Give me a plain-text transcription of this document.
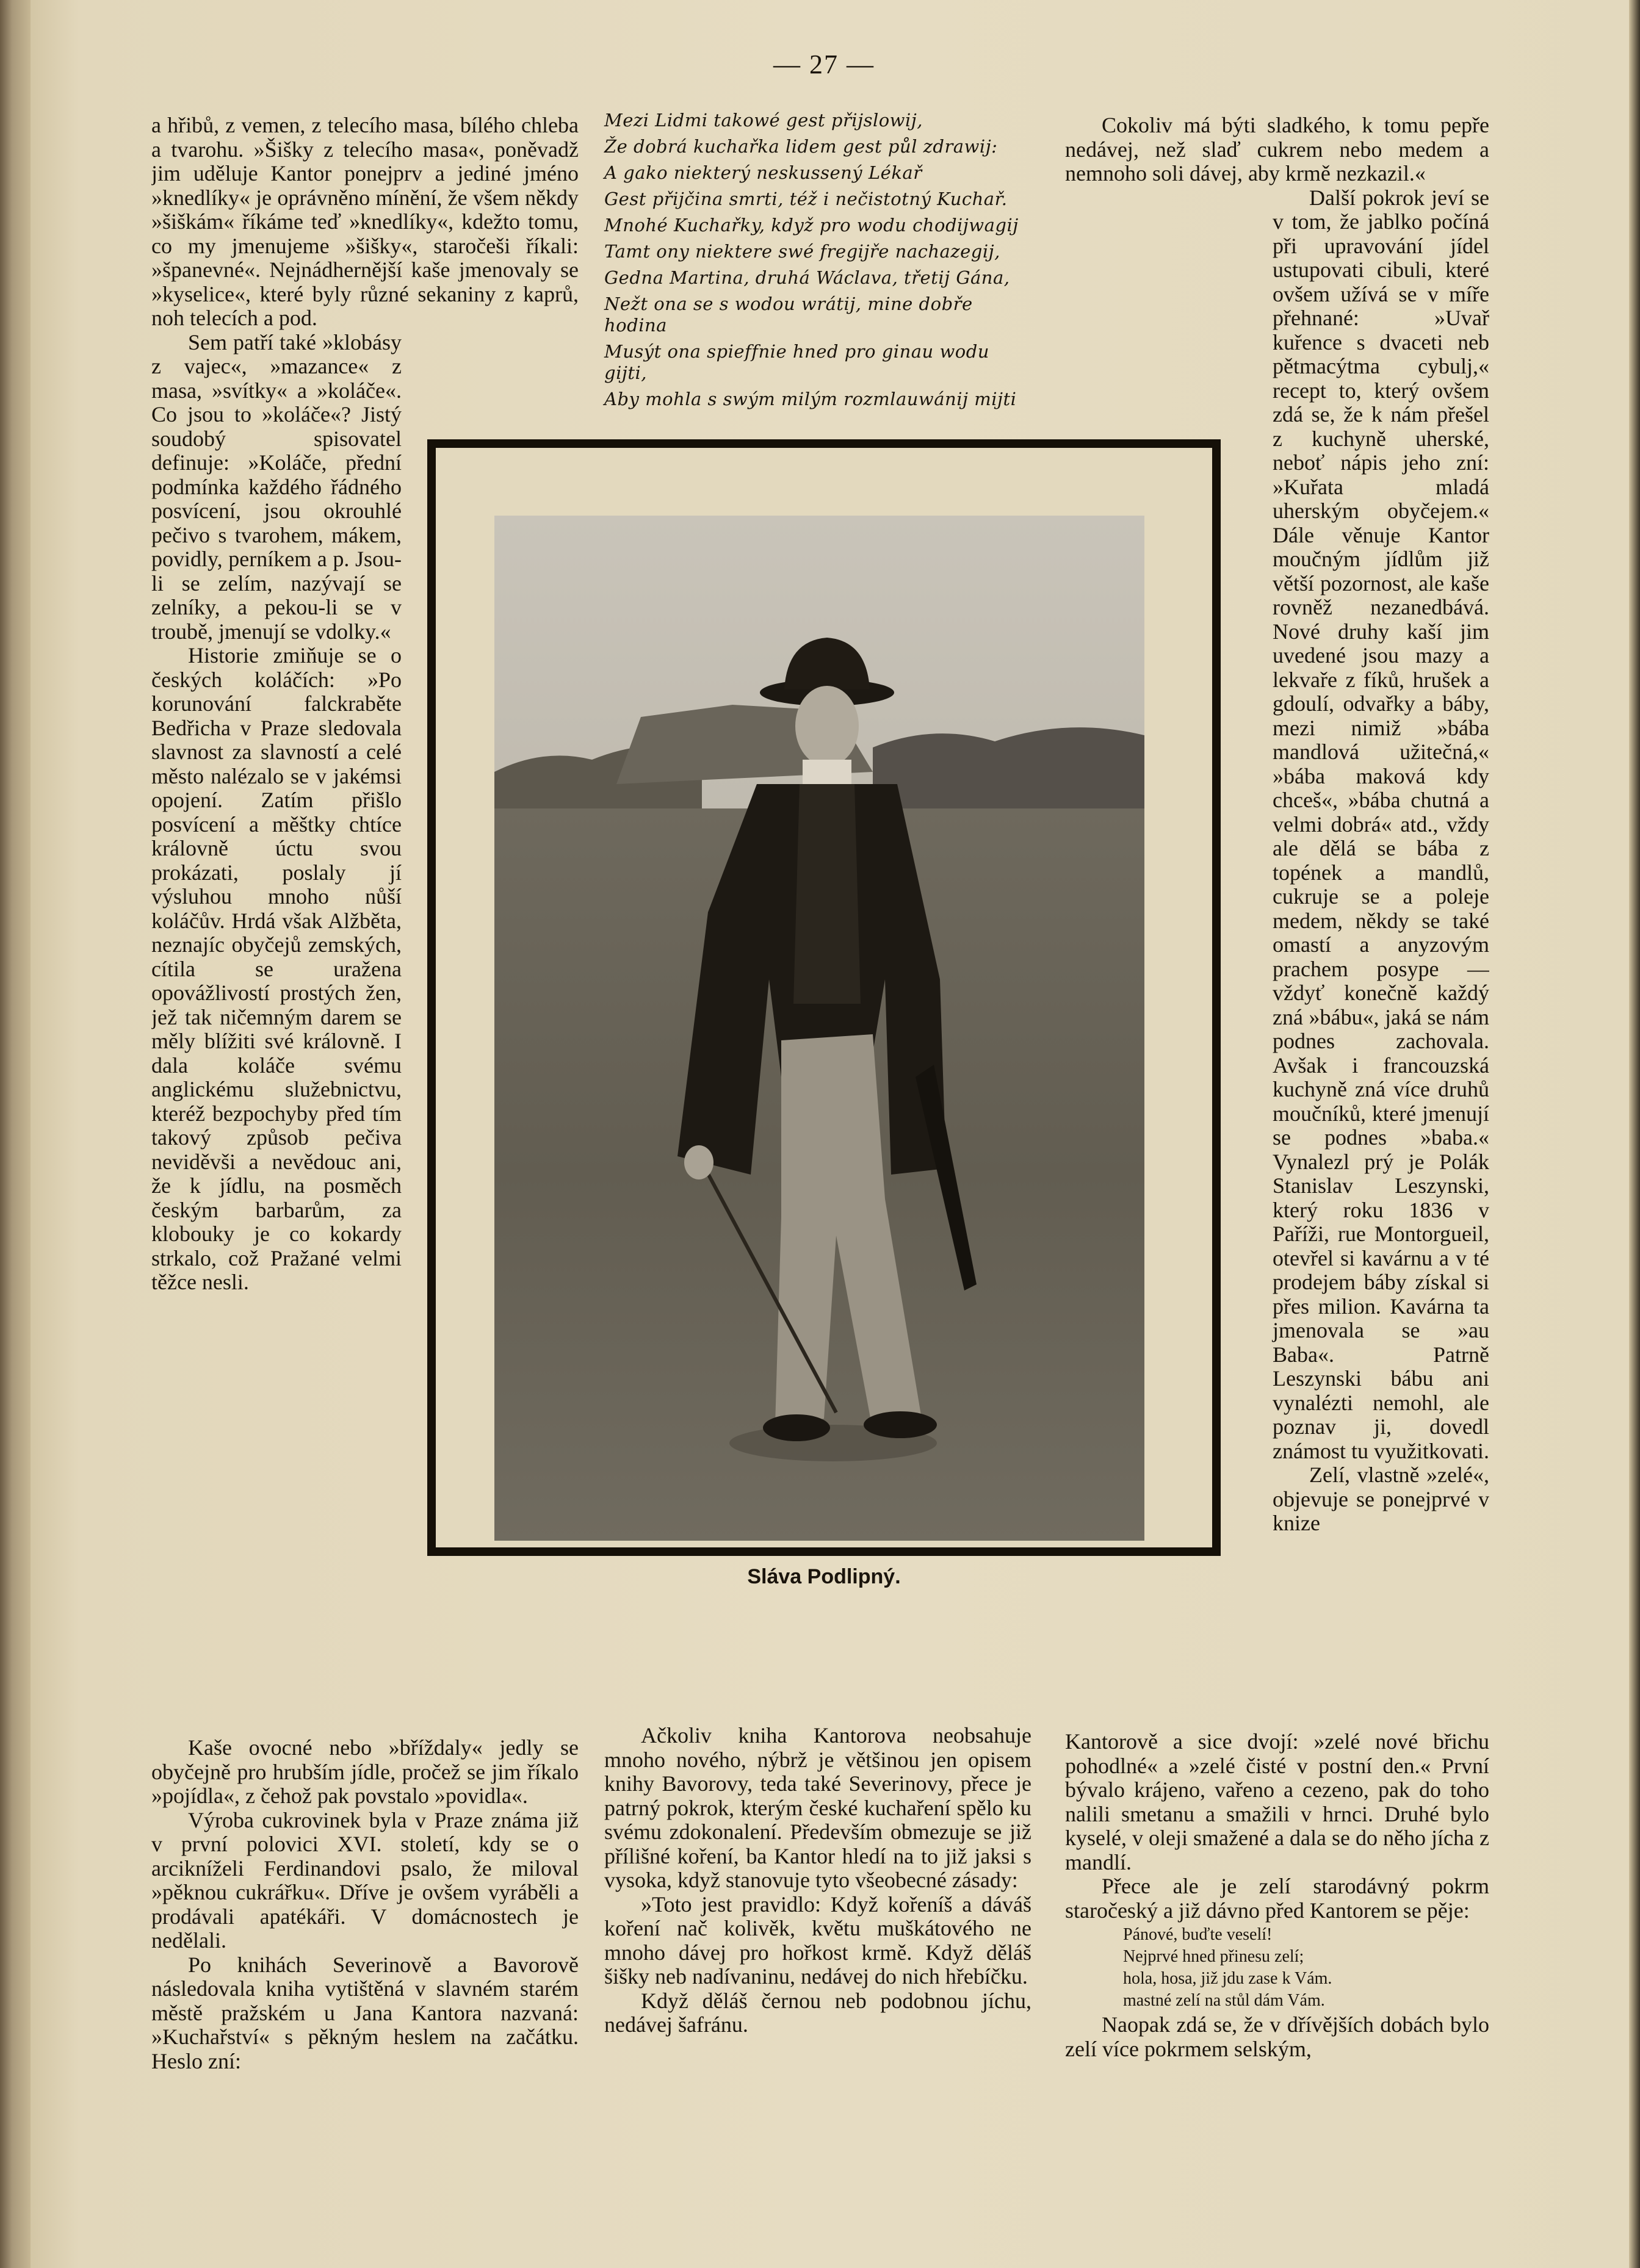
— 27 —

a hřibů, z vemen, z telecího masa, bílého chleba a tvarohu. »Šišky z telecího masa«, poněvadž jim uděluje Kantor ponejprv a jediné jméno »knedlíky« je oprávněno mínění, že všem někdy »šiškám« říkáme teď »knedlíky«, kdežto tomu, co my jmenujeme »šišky«, staročeši říkali: »španevné«. Nejnádhernější kaše jmenovaly se »kyselice«, které byly různé sekaniny z kaprů, noh telecích a pod.

Sem patří také »klobásy z vajec«, »mazance« z masa, »svítky« a »koláče«. Co jsou to »koláče«? Jistý soudobý spisovatel definuje: »Koláče, přední podmínka každého řádného posvícení, jsou okrouhlé pečivo s tvarohem, mákem, povidly, perníkem a p. Jsou-li se zelím, nazývají se zelníky, a pekou-li se v troubě, jmenují se vdolky.«

Historie zmiňuje se o českých koláčích: »Po korunování falckraběte Bedřicha v Praze sledovala slavnost za slavností a celé město nalézalo se v jakémsi opojení. Zatím přišlo posvícení a měštky chtíce královně úctu svou prokázati, poslaly jí výsluhou mnoho nůší koláčův. Hrdá však Alžběta, neznajíc obyčejů zemských, cítila se uražena opovážlivostí prostých žen, jež tak ničemným darem se měly blížiti své královně. I dala koláče svému anglickému služebnictvu, kteréž bezpochyby před tím takový způsob pečiva neviděvši a nevědouc ani, že k jídlu, na posměch českým barbarům, za klobouky je co kokardy strkalo, což Pražané velmi těžce nesli.

Kaše ovocné nebo »bříždaly« jedly se obyčejně pro hrubším jídle, pročež se jim říkalo »pojídla«, z čehož pak povstalo »povidla«.

Výroba cukrovinek byla v Praze známa již v první polovici XVI. století, kdy se o arcikníželi Ferdinandovi psalo, že miloval »pěknou cukrářku«. Dříve je ovšem vyráběli a prodávali apatékáři. V domácnostech je nedělali.

Po knihách Severinově a Bavorově následovala kniha vytištěná v slavném starém městě pražském u Jana Kantora nazvaná: »Kuchařství« s pěkným heslem na začátku. Heslo zní:

Mezi Lidmi takowé gest přijslowij,

Že dobrá kuchařka lidem gest půl zdrawij:

A gako niekterý neskussený Lékař

Gest přijčina smrti, též i nečistotný Kuchař.

Mnohé Kuchařky, když pro wodu chodijwagij

Tamt ony niektere swé fregijře nachazegij,

Gedna Martina, druhá Wáclava, třetij Gána,

Nežt ona se s wodou wrátij, mine dobře hodina

Musýt ona spieffnie hned pro ginau wodu gijti,

Aby mohla s swým milým rozmlauwánij mijti

Sláva Podlipný.

Ačkoliv kniha Kantorova neobsahuje mnoho nového, nýbrž je většinou jen opisem knihy Bavorovy, teda také Severinovy, přece je patrný pokrok, kterým české kuchaření spělo ku svému zdokonalení. Především obmezuje se již přílišné koření, ba Kantor hledí na to již jaksi s vysoka, když stanovuje tyto všeobecné zásady:

»Toto jest pravidlo: Když kořeníš a dáváš koření nač kolivěk, květu muškátového ne mnoho dávej pro hořkost krmě. Když děláš šišky neb nadívaninu, nedávej do nich hřebíčku.

Když děláš černou neb podobnou jíchu, nedávej šafránu.

Cokoliv má býti sladkého, k tomu pepře nedávej, než slaď cukrem nebo medem a nemnoho soli dávej, aby krmě nezkazil.«

Další pokrok jeví se v tom, že jablko počíná při upravování jídel ustupovati cibuli, které ovšem užívá se v míře přehnané: »Uvař kuřence s dvaceti neb pětmacýtma cybulj,« recept to, který ovšem zdá se, že k nám přešel z kuchyně uherské, neboť nápis jeho zní: »Kuřata mladá uherským obyčejem.« Dále věnuje Kantor moučným jídlům již větší pozornost, ale kaše rovněž nezanedbává. Nové druhy kaší jim uvedené jsou mazy a lekvaře z fíků, hrušek a gdoulí, odvařky a báby, mezi nimiž »bába mandlová užitečná,« »bába maková kdy chceš«, »bába chutná a velmi dobrá« atd., vždy ale dělá se bába z topének a mandlů, cukruje se a poleje medem, někdy se také omastí a anyzovým prachem posype — vždyť konečně každý zná »bábu«, jaká se nám podnes zachovala. Avšak i francouzská kuchyně zná více druhů moučníků, které jmenují se podnes »baba.« Vynalezl prý je Polák Stanislav Leszynski, který roku 1836 v Paříži, rue Montorgueil, otevřel si kavárnu a v té prodejem báby získal si přes milion. Kavárna ta jmenovala se »au Baba«. Patrně Leszynski bábu ani vynalézti nemohl, ale poznav ji, dovedl známost tu využitkovati.

Zelí, vlastně »zelé«, objevuje se ponejprvé v knize

Kantorově a sice dvojí: »zelé nové břichu pohodlné« a »zelé čisté v postní den.« První bývalo kráјeno, vařeno a cezeno, pak do toho nalili smetanu a smažili v hrnci. Druhé bylo kyselé, v oleji smažené a dala se do něho jícha z mandlí.

Přece ale je zelí starodávný pokrm staročeský a již dávno před Kantorem se pěje:

Pánové, buďte veselí!
Nejprvé hned přinesu zelí;
hola, hosa, již jdu zase k Vám.
mastné zelí na stůl dám Vám.

Naopak zdá se, že v dřívějších dobách bylo zelí více pokrmem selským,
